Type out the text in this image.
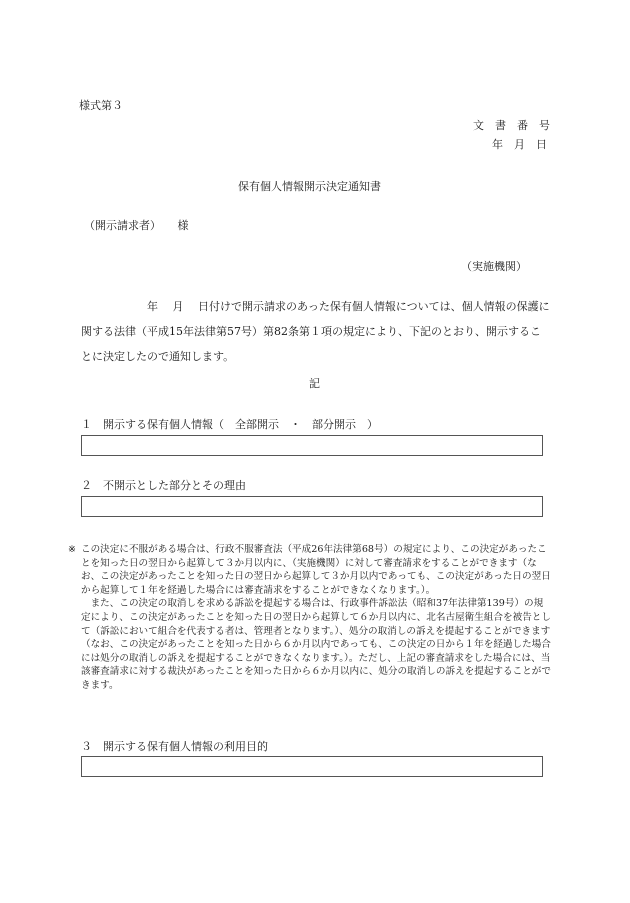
様式第３
文　書　番　号
年　月　日
保有個人情報開示決定通知書
（開示請求者）　　様
（実施機関）
　　　　　　年　 月　 日付けで開示請求のあった保有個人情報については、個人情報の保護に関する法律（平成15年法律第57号）第82条第１項の規定により、下記のとおり、開示することに決定したので通知します。
記
１　開示する保有個人情報（　全部開示　・　部分開示　）
２　不開示とした部分とその理由
※ この決定に不服がある場合は、行政不服審査法（平成26年法律第68号）の規定により、この決定があったことを知った日の翌日から起算して３か月以内に、（実施機関）に対して審査請求をすることができます（なお、この決定があったことを知った日の翌日から起算して３か月以内であっても、この決定があった日の翌日から起算して１年を経過した場合には審査請求をすることができなくなります。）。

　また、この決定の取消しを求める訴訟を提起する場合は、行政事件訴訟法（昭和37年法律第139号）の規定により、この決定があったことを知った日の翌日から起算して６か月以内に、北名古屋衛生組合を被告として（訴訟において組合を代表する者は、管理者となります。）、処分の取消しの訴えを提起することができます（なお、この決定があったことを知った日から６か月以内であっても、この決定の日から１年を経過した場合には処分の取消しの訴えを提起することができなくなります。）。ただし、上記の審査請求をした場合には、当該審査請求に対する裁決があったことを知った日から６か月以内に、処分の取消しの訴えを提起することができます。

３　開示する保有個人情報の利用目的
